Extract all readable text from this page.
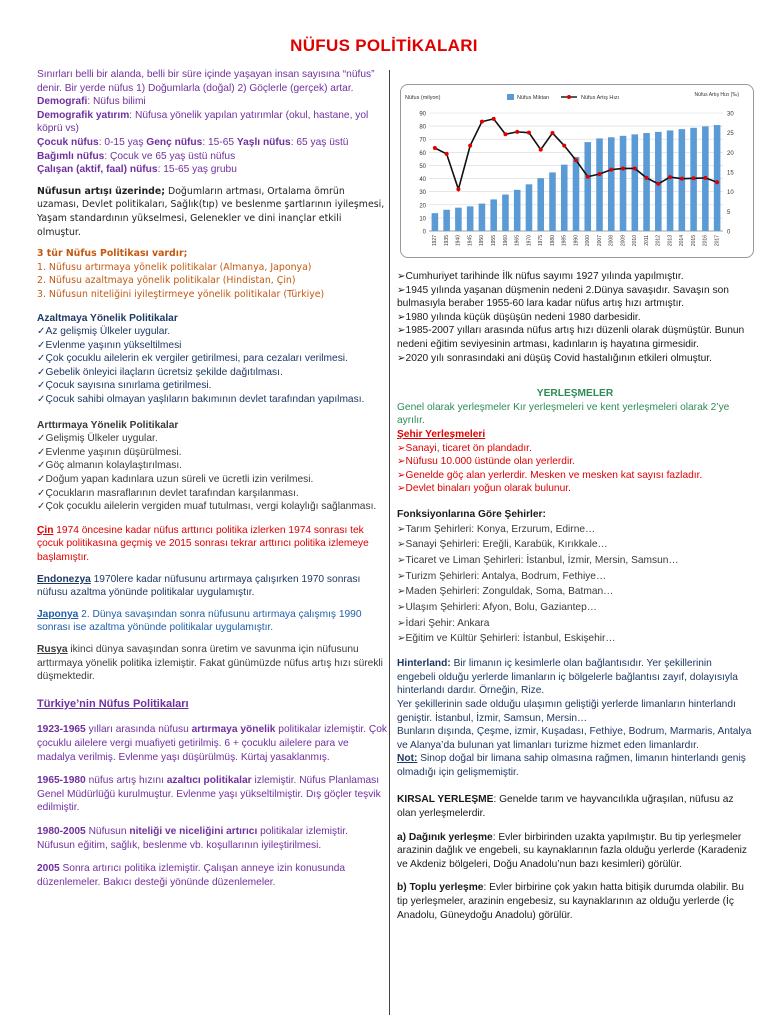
NÜFUS POLİTİKALARI

Sınırları belli bir alanda, belli bir süre içinde yaşayan insan sayısına “nüfus” denir. Bir yerde nüfus 1) Doğumlarla (doğal) 2) Göçlerle (gerçek) artar.

Demografi: Nüfus bilimi

Demografik yatırım: Nüfusa yönelik yapılan yatırımlar (okul, hastane, yol köprü vs)

Çocuk nüfus: 0-15 yaş Genç nüfus: 15-65 Yaşlı nüfus: 65 yaş üstü

Bağımlı nüfus: Çocuk ve 65 yaş üstü nüfus

Çalışan (aktif, faal) nüfus: 15-65 yaş grubu

Nüfusun artışı üzerinde; Doğumların artması, Ortalama ömrün uzaması, Devlet politikaları, Sağlık(tıp) ve beslenme şartlarının iyileşmesi, Yaşam standardının yükselmesi, Gelenekler ve dini inançlar etkili olmuştur.

3 tür Nüfus Politikası vardır;

1. Nüfusu artırmaya yönelik politikalar (Almanya, Japonya)
2. Nüfusu azaltmaya yönelik politikalar (Hindistan, Çin)
3. Nüfusun niteliğini iyileştirmeye yönelik politikalar (Türkiye)

Azaltmaya Yönelik Politikalar

✓ Az gelişmiş Ülkeler uygular.
✓ Evlenme yaşının yükseltilmesi
✓ Çok çocuklu ailelerin ek vergiler getirilmesi, para cezaları verilmesi.
✓ Gebelik önleyici ilaçların ücretsiz şekilde dağıtılması.
✓ Çocuk sayısına sınırlama getirilmesi.
✓ Çocuk sahibi olmayan yaşlıların bakımının devlet tarafından yapılması.

Arttırmaya Yönelik Politikalar

✓ Gelişmiş Ülkeler uygular.
✓ Evlenme yaşının düşürülmesi.
✓ Göç almanın kolaylaştırılması.
✓ Doğum yapan kadınlara uzun süreli ve ücretli izin verilmesi.
✓ Çocukların masraflarının devlet tarafından karşılanması.
✓ Çok çocuklu ailelerin vergiden muaf tutulması, vergi kolaylığı sağlanması.

Çin 1974 öncesine kadar nüfus arttırıcı politika izlerken 1974 sonrası tek çocuk politikasına geçmiş ve 2015 sonrası tekrar arttırıcı politika izlemeye başlamıştır.

Endonezya 1970lere kadar nüfusunu artırmaya çalışırken 1970 sonrası nüfusu azaltma yönünde politikalar uygulamıştır.

Japonya 2. Dünya savaşından sonra nüfusunu artırmaya çalışmış 1990 sonrası ise azaltma yönünde politikalar uygulamıştır.

Rusya ikinci dünya savaşından sonra üretim ve savunma için nüfusunu arttırmaya yönelik politika izlemiştir. Fakat günümüzde nüfus artış hızı sürekli düşmektedir.

Türkiye’nin Nüfus Politikaları

1923-1965 yılları arasında nüfusu artırmaya yönelik politikalar izlemiştir. Çok çocuklu ailelere vergi muafiyeti getirilmiş. 6 + çocuklu ailelere para ve madalya verilmiş. Evlenme yaşı düşürülmüş. Kürtaj yasaklanmış.

1965-1980 nüfus artış hızını azaltıcı politikalar izlemiştir. Nüfus Planlaması Genel Müdürlüğü kurulmuştur. Evlenme yaşı yükseltilmiştir. Dış göçler teşvik edilmiştir.

1980-2005 Nüfusun niteliği ve niceliğini artırıcı politikalar izlemiştir. Nüfusun eğitim, sağlık, beslenme vb. koşullarının iyileştirilmesi.

2005 Sonra artırıcı politika izlemiştir. Çalışan anneye izin konusunda düzenlemeler. Bakıcı desteği yönünde düzenlemeler.

0
10
20
30
40
50
60
70
80
90
0
5
10
15
20
25
30
1927 1935 1940 1945 1950 1955 1960 1965 1970 1975 1980 1985 1990 2000 2007 2008 2009 2010 2011 2012 2013 2014 2015 2016 2017
Nüfus (milyon)	Nüfus Artış Hızı (‰)
Nüfus Miktarı	Nüfus Artış Hızı
➢ Cumhuriyet tarihinde İlk nüfus sayımı 1927 yılında yapılmıştır.
➢ 1945 yılında yaşanan düşmenin nedeni 2.Dünya savaşıdır. Savaşın son bulmasıyla beraber 1955-60 lara kadar nüfus artış hızı artmıştır.
➢ 1980 yılında küçük düşüşün nedeni 1980 darbesidir.
➢ 1985-2007 yılları arasında nüfus artış hızı düzenli olarak düşmüştür. Bunun nedeni eğitim seviyesinin artması, kadınların iş hayatına girmesidir.
➢ 2020 yılı sonrasındaki ani düşüş Covid hastalığının etkileri olmuştur.

YERLEŞMELER

Genel olarak yerleşmeler Kır yerleşmeleri ve kent yerleşmeleri olarak 2’ye ayrılır.

Şehir Yerleşmeleri

➢ Sanayi, ticaret ön plandadır.
➢ Nüfusu 10.000 üstünde olan yerlerdir.
➢ Genelde göç alan yerlerdir. Mesken ve mesken kat sayısı fazladır.
➢ Devlet binaları yoğun olarak bulunur.

Fonksiyonlarına Göre Şehirler:

➢ Tarım Şehirleri: Konya, Erzurum, Edirne…
➢ Sanayi Şehirleri: Ereğli, Karabük, Kırıkkale…
➢ Ticaret ve Liman Şehirleri: İstanbul, İzmir, Mersin, Samsun…
➢ Turizm Şehirleri: Antalya, Bodrum, Fethiye…
➢ Maden Şehirleri: Zonguldak, Soma, Batman…
➢ Ulaşım Şehirleri: Afyon, Bolu, Gaziantep…
➢ İdari Şehir: Ankara
➢ Eğitim ve Kültür Şehirleri: İstanbul, Eskişehir…

Hinterland: Bir limanın iç kesimlerle olan bağlantısıdır. Yer şekillerinin engebeli olduğu yerlerde limanların iç bölgelerle bağlantısı zayıf, dolayısıyla hinterlandı dardır. Örneğin, Rize.

Yer şekillerinin sade olduğu ulaşımın geliştiği yerlerde limanların hinterlandı geniştir. İstanbul, İzmir, Samsun, Mersin…

Bunların dışında, Çeşme, izmir, Kuşadası, Fethiye, Bodrum, Marmaris, Antalya ve Alanya’da bulunan yat limanları turizme hizmet eden limanlardır.

Not: Sinop doğal bir limana sahip olmasına rağmen, limanın hinterlandı geniş olmadığı için gelişmemiştir.

KIRSAL YERLEŞME: Genelde tarım ve hayvancılıkla uğraşılan, nüfusu az olan yerleşmelerdir.

a) Dağınık yerleşme: Evler birbirinden uzakta yapılmıştır. Bu tip yerleşmeler arazinin dağlık ve engebeli, su kaynaklarının fazla olduğu yerlerde (Karadeniz ve Akdeniz bölgeleri, Doğu Anadolu’nun bazı kesimleri) görülür.

b) Toplu yerleşme: Evler birbirine çok yakın hatta bitişik durumda olabilir. Bu tip yerleşmeler, arazinin engebesiz, su kaynaklarının az olduğu yerlerde (İç Anadolu, Güneydoğu Anadolu) görülür.
